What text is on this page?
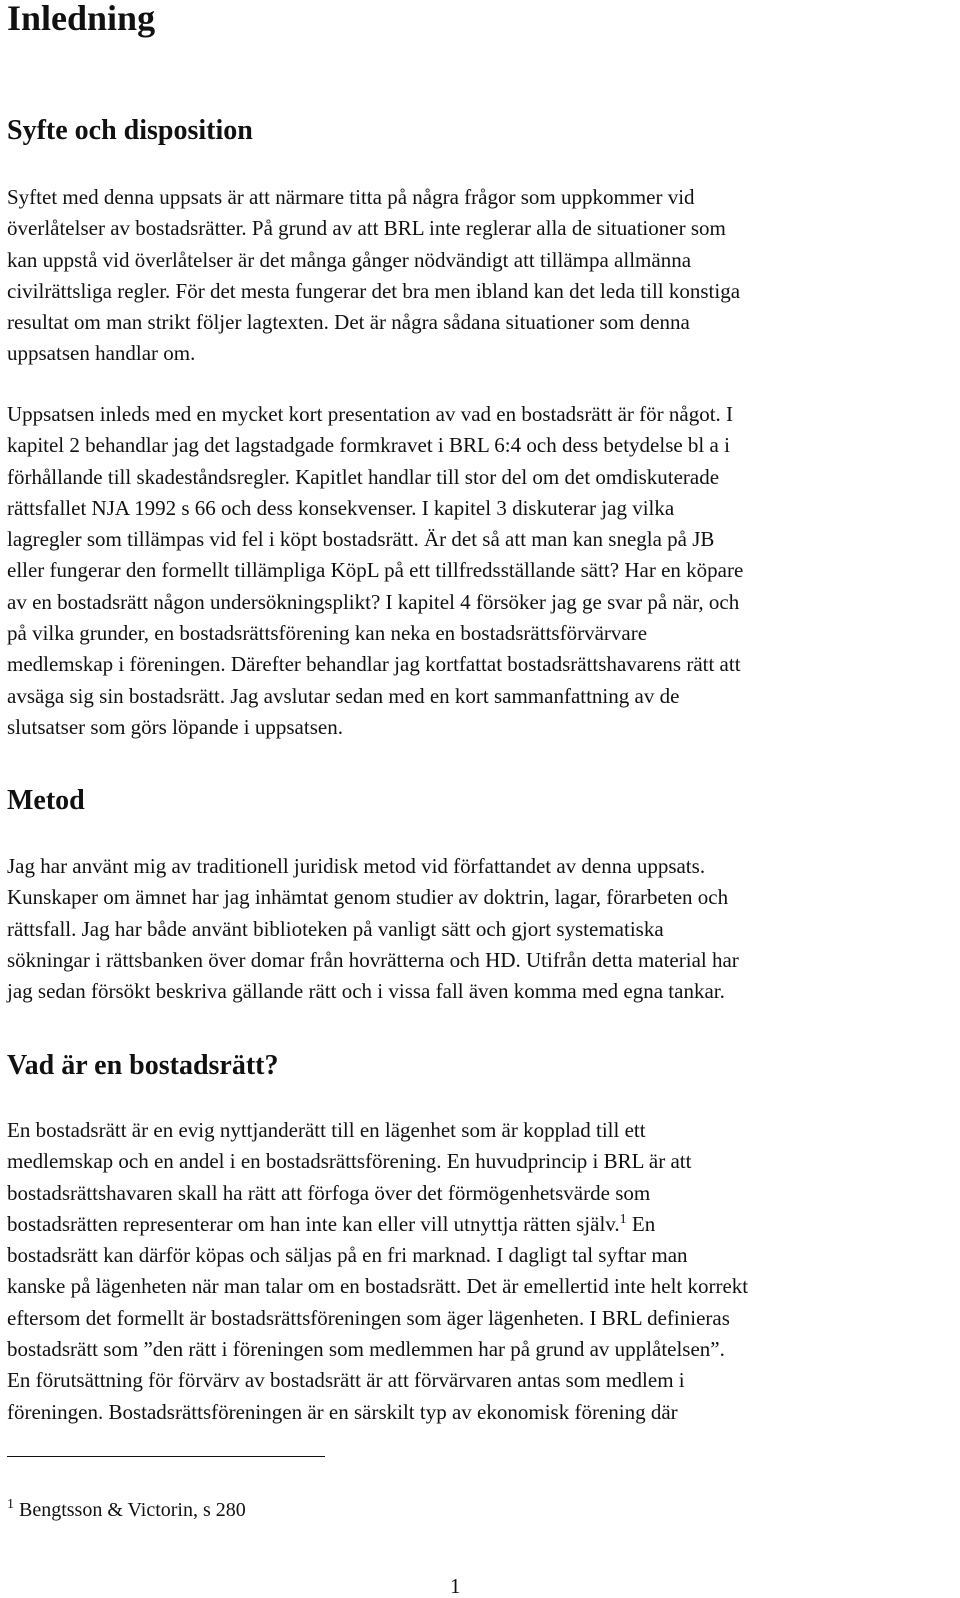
Inledning
Syfte och disposition

Syftet med denna uppsats är att närmare titta på några frågor som uppkommer vid
överlåtelser av bostadsrätter. På grund av att BRL inte reglerar alla de situationer som
kan uppstå vid överlåtelser är det många gånger nödvändigt att tillämpa allmänna
civilrättsliga regler. För det mesta fungerar det bra men ibland kan det leda till konstiga
resultat om man strikt följer lagtexten. Det är några sådana situationer som denna
uppsatsen handlar om.

Uppsatsen inleds med en mycket kort presentation av vad en bostadsrätt är för något. I
kapitel 2 behandlar jag det lagstadgade formkravet i BRL 6:4 och dess betydelse bl a i
förhållande till skadeståndsregler. Kapitlet handlar till stor del om det omdiskuterade
rättsfallet NJA 1992 s 66 och dess konsekvenser. I kapitel 3 diskuterar jag vilka
lagregler som tillämpas vid fel i köpt bostadsrätt. Är det så att man kan snegla på JB
eller fungerar den formellt tillämpliga KöpL på ett tillfredsställande sätt? Har en köpare
av en bostadsrätt någon undersökningsplikt? I kapitel 4 försöker jag ge svar på när, och
på vilka grunder, en bostadsrättsförening kan neka en bostadsrättsförvärvare
medlemskap i föreningen. Därefter behandlar jag kortfattat bostadsrättshavarens rätt att
avsäga sig sin bostadsrätt. Jag avslutar sedan med en kort sammanfattning av de
slutsatser som görs löpande i uppsatsen.

Metod

Jag har använt mig av traditionell juridisk metod vid författandet av denna uppsats.
Kunskaper om ämnet har jag inhämtat genom studier av doktrin, lagar, förarbeten och
rättsfall. Jag har både använt biblioteken på vanligt sätt och gjort systematiska
sökningar i rättsbanken över domar från hovrätterna och HD. Utifrån detta material har
jag sedan försökt beskriva gällande rätt och i vissa fall även komma med egna tankar.

Vad är en bostadsrätt?

En bostadsrätt är en evig nyttjanderätt till en lägenhet som är kopplad till ett
medlemskap och en andel i en bostadsrättsförening. En huvudprincip i BRL är att
bostadsrättshavaren skall ha rätt att förfoga över det förmögenhetsvärde som
bostadsrätten representerar om han inte kan eller vill utnyttja rätten själv.$^1$ En
bostadsrätt kan därför köpas och säljas på en fri marknad. I dagligt tal syftar man
kanske på lägenheten när man talar om en bostadsrätt. Det är emellertid inte helt korrekt
eftersom det formellt är bostadsrättsföreningen som äger lägenheten. I BRL definieras
bostadsrätt som ”den rätt i föreningen som medlemmen har på grund av upplåtelsen”.
En förutsättning för förvärv av bostadsrätt är att förvärvaren antas som medlem i
föreningen. Bostadsrättsföreningen är en särskilt typ av ekonomisk förening där

$^1$ Bengtsson & Victorin, s 280
1
